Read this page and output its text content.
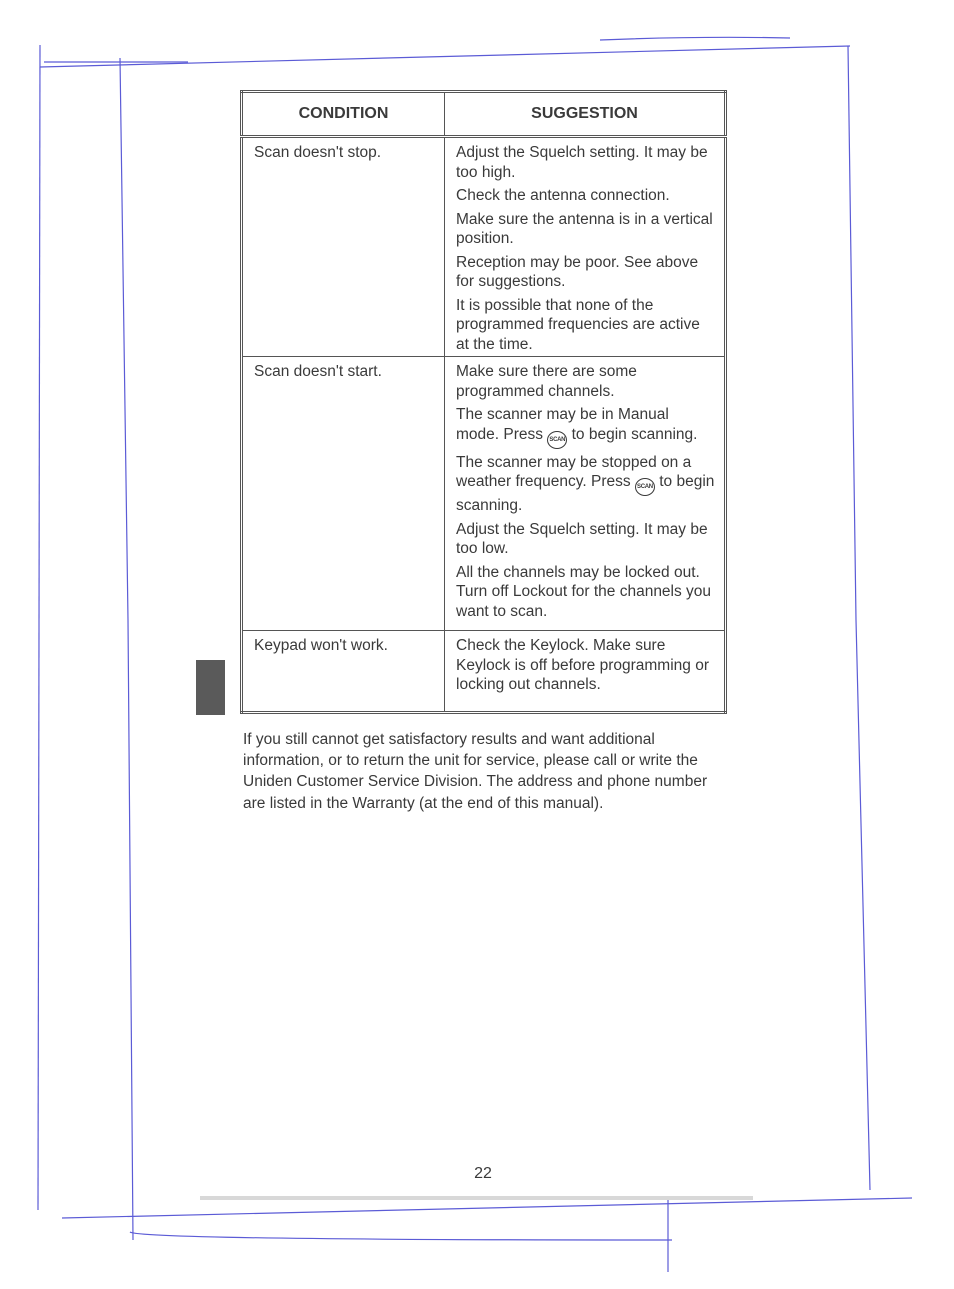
CONDITION	SUGGESTION
Scan doesn't stop.	Adjust the Squelch setting. It may be too high.
Check the antenna connection.
Make sure the antenna is in a vertical position.
Reception may be poor. See above for suggestions.
It is possible that none of the programmed frequencies are active at the time.

Scan doesn't start.	Make sure there are some programmed channels.
The scanner may be in Manual mode. Press SCAN to begin scanning.
The scanner may be stopped on a weather frequency. Press SCAN to begin scanning.
Adjust the Squelch setting. It may be too low.
All the channels may be locked out. Turn off Lockout for the channels you want to scan.

Keypad won't work.	Check the Keylock. Make sure Keylock is off before programming or locking out channels.

If you still cannot get satisfactory results and want additional information, or to return the unit for service, please call or write the Uniden Customer Service Division. The address and phone number are listed in the Warranty (at the end of this manual).

22
